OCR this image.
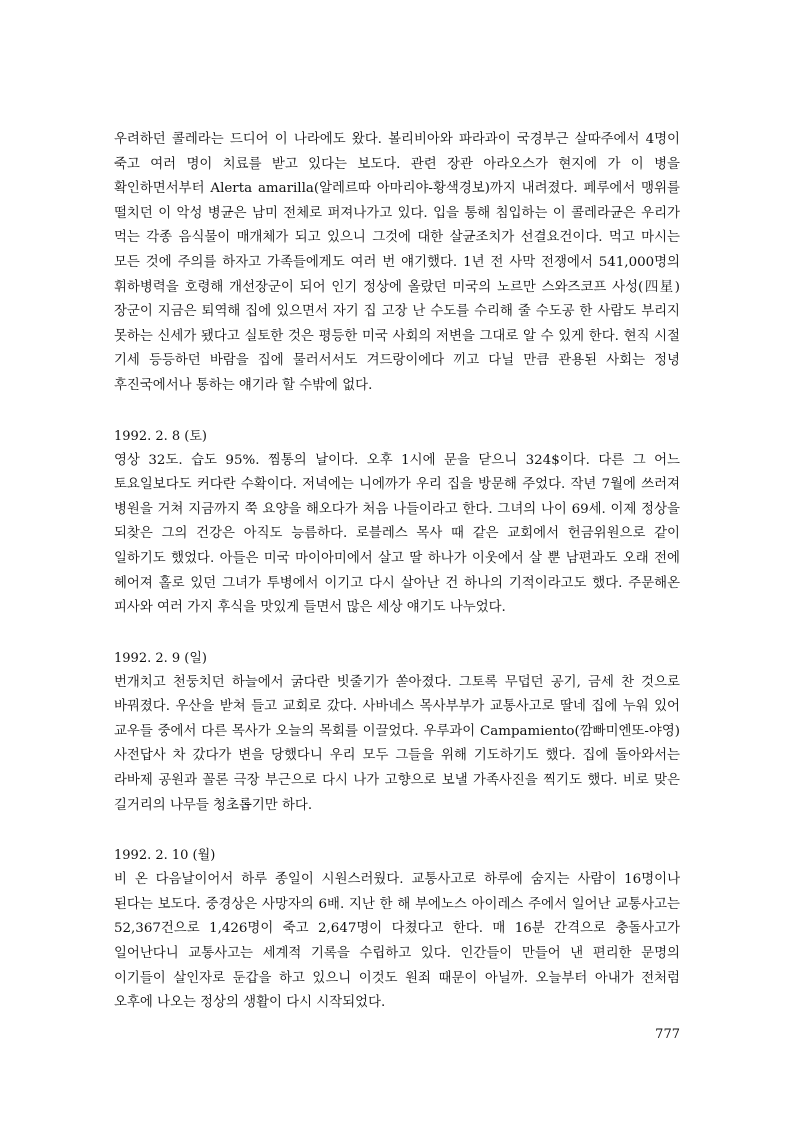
우려하던 콜레라는 드디어 이 나라에도 왔다. 볼리비아와 파라과이 국경부근 살따주에서 4명이 죽고 여러 명이 치료를 받고 있다는 보도다. 관련 장관 아라오스가 현지에 가 이 병을 확인하면서부터 Alerta amarilla(알레르따 아마리야-황색경보)까지 내려졌다. 페루에서 맹위를 떨치던 이 악성 병균은 남미 전체로 퍼져나가고 있다. 입을 통해 침입하는 이 콜레라균은 우리가 먹는 각종 음식물이 매개체가 되고 있으니 그것에 대한 살균조치가 선결요건이다. 먹고 마시는 모든 것에 주의를 하자고 가족들에게도 여러 번 얘기했다. 1년 전 사막 전쟁에서 541,000명의 휘하병력을 호령해 개선장군이 되어 인기 정상에 올랐던 미국의 노르만 스와즈코프 사성(四星) 장군이 지금은 퇴역해 집에 있으면서 자기 집 고장 난 수도를 수리해 줄 수도공 한 사람도 부리지 못하는 신세가 됐다고 실토한 것은 평등한 미국 사회의 저변을 그대로 알 수 있게 한다. 현직 시절 기세 등등하던 바람을 집에 물러서서도 겨드랑이에다 끼고 다닐 만큼 관용된 사회는 정녕 후진국에서나 통하는 얘기라 할 수밖에 없다.

1992. 2. 8 (토)

영상 32도. 습도 95%. 찜통의 날이다. 오후 1시에 문을 닫으니 324$이다. 다른 그 어느 토요일보다도 커다란 수확이다. 저녁에는 니에까가 우리 집을 방문해 주었다. 작년 7월에 쓰러져 병원을 거쳐 지금까지 쭉 요양을 해오다가 처음 나들이라고 한다. 그녀의 나이 69세. 이제 정상을 되찾은 그의 건강은 아직도 능름하다. 로블레스 목사 때 같은 교회에서 헌금위원으로 같이 일하기도 했었다. 아들은 미국 마이아미에서 살고 딸 하나가 이웃에서 살 뿐 남편과도 오래 전에 헤어져 홀로 있던 그녀가 투병에서 이기고 다시 살아난 건 하나의 기적이라고도 했다. 주문해온 피사와 여러 가지 후식을 맛있게 들면서 많은 세상 얘기도 나누었다.

1992. 2. 9 (일)

번개치고 천둥치던 하늘에서 굵다란 빗줄기가 쏟아졌다. 그토록 무덥던 공기, 금세 찬 것으로 바꿔졌다. 우산을 받쳐 들고 교회로 갔다. 사바네스 목사부부가 교통사고로 딸네 집에 누워 있어 교우들 중에서 다른 목사가 오늘의 목회를 이끌었다. 우루과이 Campamiento(깜빠미엔또-야영) 사전답사 차 갔다가 변을 당했다니 우리 모두 그들을 위해 기도하기도 했다. 집에 돌아와서는 라바제 공원과 꼴론 극장 부근으로 다시 나가 고향으로 보낼 가족사진을 찍기도 했다. 비로 맞은 길거리의 나무들 청초롭기만 하다.

1992. 2. 10 (월)

비 온 다음날이어서 하루 종일이 시원스러웠다. 교통사고로 하루에 숨지는 사람이 16명이나 된다는 보도다. 중경상은 사망자의 6배. 지난 한 해 부에노스 아이레스 주에서 일어난 교통사고는 52,367건으로 1,426명이 죽고 2,647명이 다쳤다고 한다. 매 16분 간격으로 충돌사고가 일어난다니 교통사고는 세계적 기록을 수립하고 있다. 인간들이 만들어 낸 편리한 문명의 이기들이 살인자로 둔갑을 하고 있으니 이것도 원죄 때문이 아닐까. 오늘부터 아내가 전처럼 오후에 나오는 정상의 생활이 다시 시작되었다.

777
